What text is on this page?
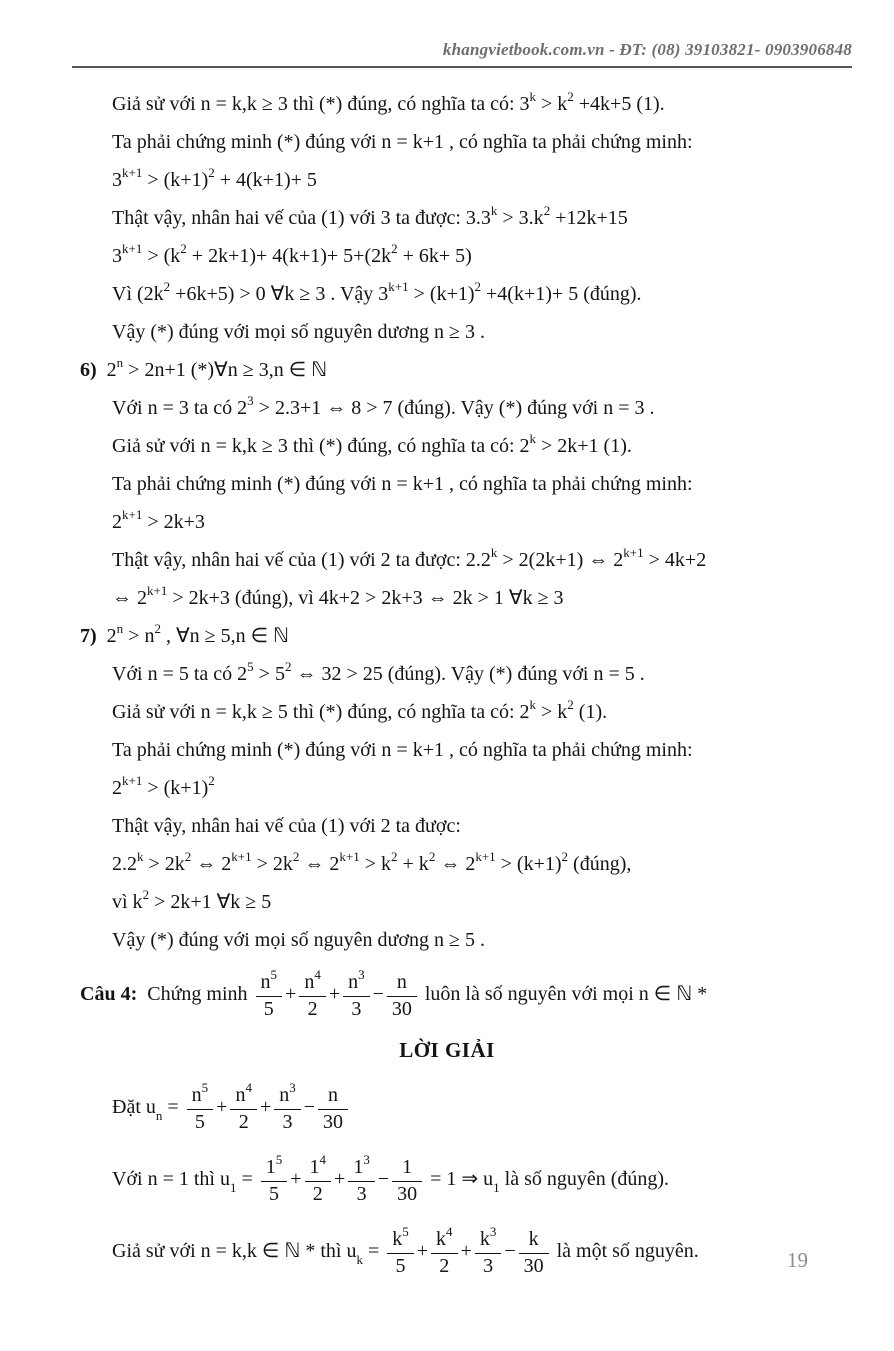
khangvietbook.com.vn - ĐT: (08) 39103821- 0903906848
Giả sử với n = k,k ≥ 3 thì (*) đúng, có nghĩa ta có: $3^k > k^2 +4k+5$ (1).
Ta phải chứng minh (*) đúng với n = k+1 , có nghĩa ta phải chứng minh:
$3^{k+1} > (k+1)^2 + 4(k+1)+ 5$
Thật vậy, nhân hai vế của (1) với 3 ta được: $3.3^k > 3.k^2 +12k+15$
$3^{k+1} > (k^2 + 2k+1)+ 4(k+1)+ 5+(2k^2 + 6k+ 5)$
Vì $(2k^2 +6k+5) > 0$ ∀k ≥ 3 . Vậy $3^{k+1} > (k+1)^2 +4(k+1)+ 5$ (đúng).
Vậy (*) đúng với mọi số nguyên dương n ≥ 3 .
6) $2^n > 2n+1$ (*)∀n ≥ 3,n ∈ ℕ
Với n = 3 ta có $2^3 > 2.3+1$ ⇔ 8 > 7 (đúng). Vậy (*) đúng với n = 3 .
Giả sử với n = k,k ≥ 3 thì (*) đúng, có nghĩa ta có: $2^k > 2k+1$ (1).
Ta phải chứng minh (*) đúng với n = k+1 , có nghĩa ta phải chứng minh:
$2^{k+1} > 2k+3$
Thật vậy, nhân hai vế của (1) với 2 ta được: $2.2^k > 2(2k+1)$ ⇔ $2^{k+1} > 4k+2$
⇔ $2^{k+1} > 2k+3$ (đúng), vì 4k+2 > 2k+3 ⇔ 2k > 1 ∀k ≥ 3
7) $2^n > n^2$ , ∀n ≥ 5,n ∈ ℕ
Với n = 5 ta có $2^5 > 5^2$ ⇔ 32 > 25 (đúng). Vậy (*) đúng với n = 5 .
Giả sử với n = k,k ≥ 5 thì (*) đúng, có nghĩa ta có: $2^k > k^2$ (1).
Ta phải chứng minh (*) đúng với n = k+1 , có nghĩa ta phải chứng minh:
$2^{k+1} > (k+1)^2$
Thật vậy, nhân hai vế của (1) với 2 ta được:
$2.2^k > 2k^2$ ⇔ $2^{k+1} > 2k^2$ ⇔ $2^{k+1} > k^2 + k^2$ ⇔ $2^{k+1} > (k+1)^2$ (đúng),
vì $k^2 > 2k+1$ ∀k ≥ 5
Vậy (*) đúng với mọi số nguyên dương n ≥ 5 .
Câu 4: Chứng minh $\frac{n^5}{5} + \frac{n^4}{2} + \frac{n^3}{3} - \frac{n}{30}$ luôn là số nguyên với mọi n ∈ ℕ *
LỜI GIẢI
Đặt $u_n = \frac{n^5}{5} + \frac{n^4}{2} + \frac{n^3}{3} - \frac{n}{30}$
Với n = 1 thì $u_1 = \frac{1^5}{5} + \frac{1^4}{2} + \frac{1^3}{3} - \frac{1}{30} = 1$ ⇒ $u_1$ là số nguyên (đúng).
Giả sử với n = k,k ∈ ℕ * thì $u_k = \frac{k^5}{5} + \frac{k^4}{2} + \frac{k^3}{3} - \frac{k}{30}$ là một số nguyên.	19
